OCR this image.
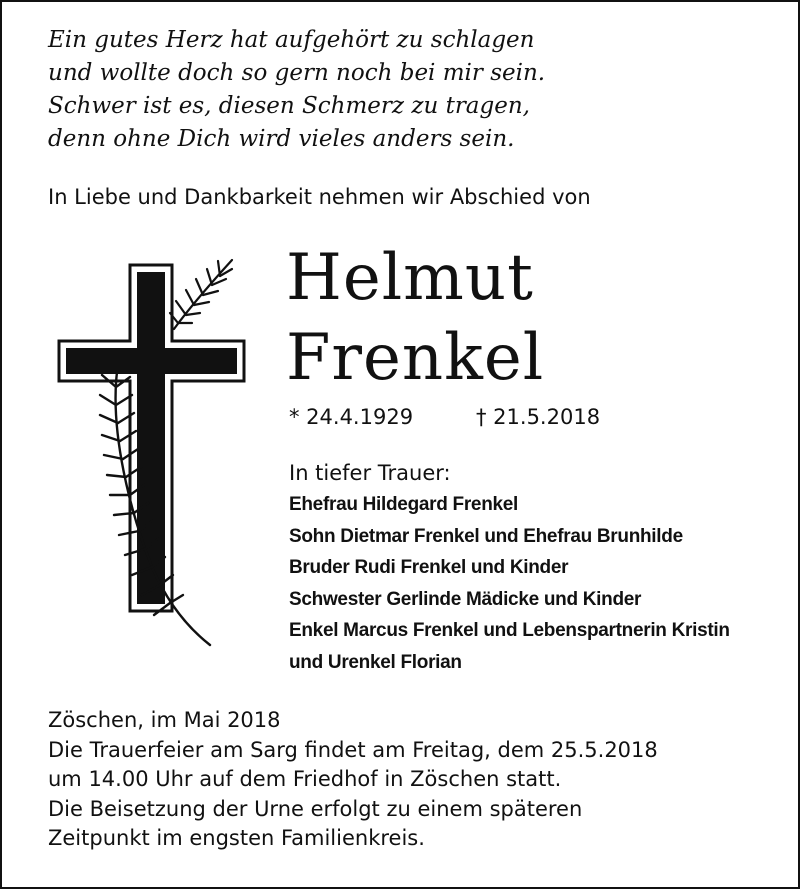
Ein gutes Herz hat aufgehört zu schlagen
und wollte doch so gern noch bei mir sein.
Schwer ist es, diesen Schmerz zu tragen,
denn ohne Dich wird vieles anders sein.
In Liebe und Dankbarkeit nehmen wir Abschied von
Helmut
Frenkel
* 24.4.1929	† 21.5.2018
In tiefer Trauer:
Ehefrau Hildegard Frenkel
Sohn Dietmar Frenkel und Ehefrau Brunhilde
Bruder Rudi Frenkel und Kinder
Schwester Gerlinde Mädicke und Kinder
Enkel Marcus Frenkel und Lebenspartnerin Kristin
und Urenkel Florian
Zöschen, im Mai 2018
Die Trauerfeier am Sarg findet am Freitag, dem 25.5.2018
um 14.00 Uhr auf dem Friedhof in Zöschen statt.
Die Beisetzung der Urne erfolgt zu einem späteren
Zeitpunkt im engsten Familienkreis.
